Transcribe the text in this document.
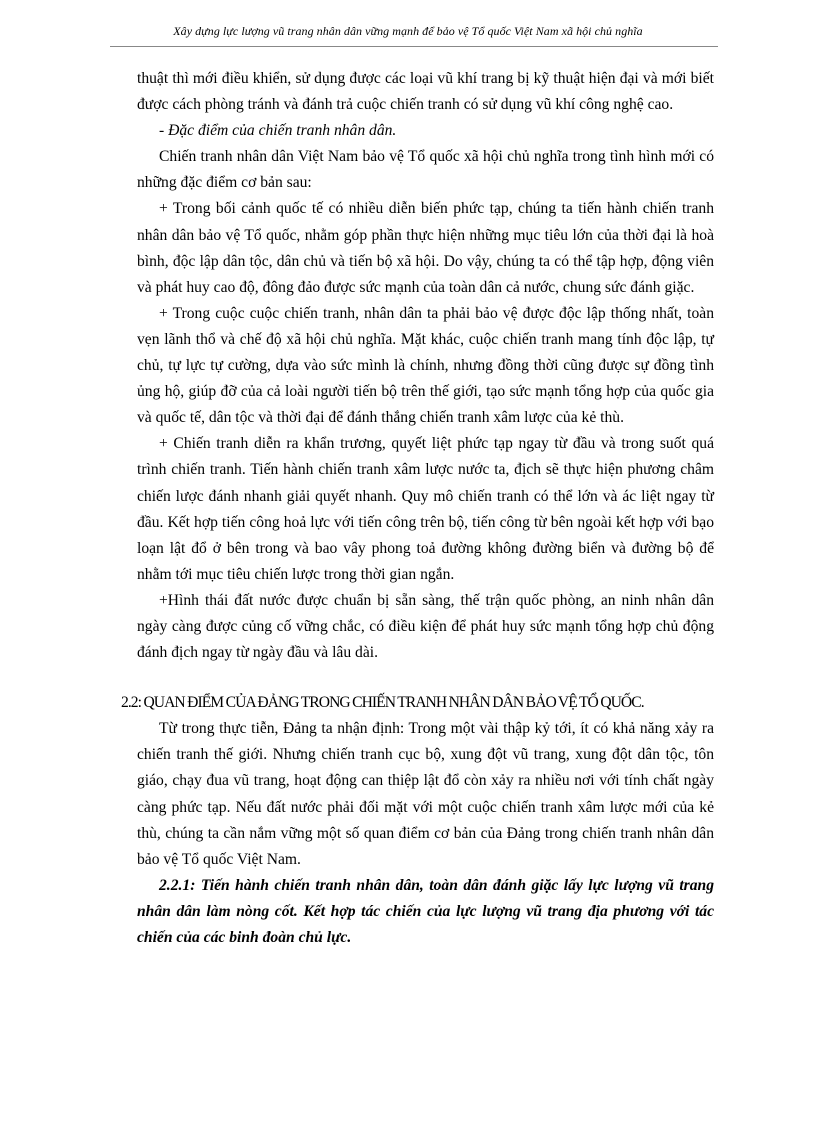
Xây dựng lực lượng vũ trang nhân dân vững mạnh để bảo vệ Tổ quốc Việt Nam xã hội chủ nghĩa

thuật thì mới điều khiển, sử dụng được các loại vũ khí trang bị kỹ thuật hiện đại và mới biết được cách phòng tránh và đánh trả cuộc chiến tranh có sử dụng vũ khí công nghệ cao.

- Đặc điểm của chiến tranh nhân dân.

Chiến tranh nhân dân Việt Nam bảo vệ Tổ quốc xã hội chủ nghĩa trong tình hình mới có những đặc điểm cơ bản sau:

+ Trong bối cảnh quốc tế có nhiều diễn biến phức tạp, chúng ta tiến hành chiến tranh nhân dân bảo vệ Tổ quốc, nhằm góp phần thực hiện những mục tiêu lớn của thời đại là hoà bình, độc lập dân tộc, dân chủ và tiến bộ xã hội. Do vậy, chúng ta có thể tập hợp, động viên và phát huy cao độ, đông đảo được sức mạnh của toàn dân cả nước, chung sức đánh giặc.

+ Trong cuộc cuộc chiến tranh, nhân dân ta phải bảo vệ được độc lập thống nhất, toàn vẹn lãnh thổ và chế độ xã hội chủ nghĩa. Mặt khác, cuộc chiến tranh mang tính độc lập, tự chủ, tự lực tự cường, dựa vào sức mình là chính, nhưng đồng thời cũng được sự đồng tình ủng hộ, giúp đỡ của cả loài người tiến bộ trên thế giới, tạo sức mạnh tổng hợp của quốc gia và quốc tế, dân tộc và thời đại để đánh thắng chiến tranh xâm lược của kẻ thù.

+ Chiến tranh diễn ra khẩn trương, quyết liệt phức tạp ngay từ đầu và trong suốt quá trình chiến tranh. Tiến hành chiến tranh xâm lược nước ta, địch sẽ thực hiện phương châm chiến lược đánh nhanh giải quyết nhanh. Quy mô chiến tranh có thể lớn và ác liệt ngay từ đầu. Kết hợp tiến công hoả lực với tiến công trên bộ, tiến công từ bên ngoài kết hợp với bạo loạn lật đổ ở bên trong và bao vây phong toả đường không đường biển và đường bộ để nhằm tới mục tiêu chiến lược trong thời gian ngắn.

+Hình thái đất nước được chuẩn bị sẵn sàng, thế trận quốc phòng, an ninh nhân dân ngày càng được củng cố vững chắc, có điều kiện để phát huy sức mạnh tổng hợp chủ động đánh địch ngay từ ngày đầu và lâu dài.

2.2: QUAN ĐIỂM CỦA ĐẢNG TRONG CHIẾN TRANH NHÂN DÂN BẢO VỆ TỔ QUỐC.

Từ trong thực tiễn, Đảng ta nhận định: Trong một vài thập kỷ tới, ít có khả năng xảy ra chiến tranh thế giới. Nhưng chiến tranh cục bộ, xung đột vũ trang, xung đột dân tộc, tôn giáo, chạy đua vũ trang, hoạt động can thiệp lật đổ còn xảy ra nhiều nơi với tính chất ngày càng phức tạp. Nếu đất nước phải đối mặt với một cuộc chiến tranh xâm lược mới của kẻ thù, chúng ta cần nắm vững một số quan điểm cơ bản của Đảng trong chiến tranh nhân dân bảo vệ Tổ quốc Việt Nam.

2.2.1: Tiến hành chiến tranh nhân dân, toàn dân đánh giặc lấy lực lượng vũ trang nhân dân làm nòng cốt. Kết hợp tác chiến của lực lượng vũ trang địa phương với tác chiến của các binh đoàn chủ lực.
